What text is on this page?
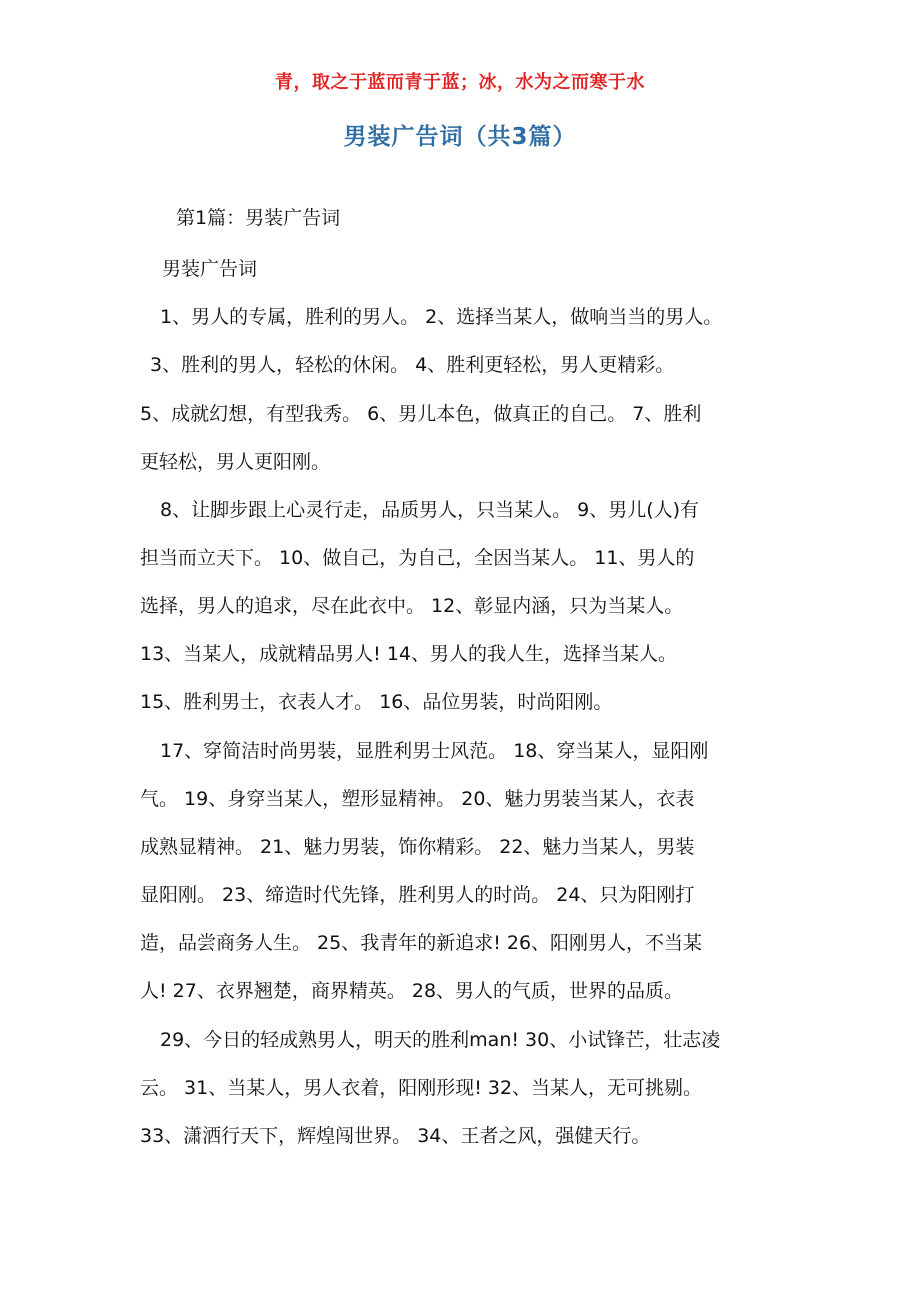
青，取之于蓝而青于蓝；冰，水为之而寒于水
男装广告词（共3篇）
第1篇：男装广告词
男装广告词
1、男人的专属，胜利的男人。 2、选择当某人，做响当当的男人。
3、胜利的男人，轻松的休闲。 4、胜利更轻松，男人更精彩。
5、成就幻想，有型我秀。 6、男儿本色，做真正的自己。 7、胜利
更轻松，男人更阳刚。
8、让脚步跟上心灵行走，品质男人，只当某人。 9、男儿(人)有
担当而立天下。 10、做自己，为自己，全因当某人。 11、男人的
选择，男人的追求，尽在此衣中。 12、彰显内涵，只为当某人。
13、当某人，成就精品男人! 14、男人的我人生，选择当某人。
15、胜利男士，衣表人才。 16、品位男装，时尚阳刚。
17、穿简洁时尚男装，显胜利男士风范。 18、穿当某人，显阳刚
气。 19、身穿当某人，塑形显精神。 20、魅力男装当某人，衣表
成熟显精神。 21、魅力男装，饰你精彩。 22、魅力当某人，男装
显阳刚。 23、缔造时代先锋，胜利男人的时尚。 24、只为阳刚打
造，品尝商务人生。 25、我青年的新追求! 26、阳刚男人，不当某
人! 27、衣界翘楚，商界精英。 28、男人的气质，世界的品质。
29、今日的轻成熟男人，明天的胜利man! 30、小试锋芒，壮志凌
云。 31、当某人，男人衣着，阳刚形现! 32、当某人，无可挑剔。
33、潇洒行天下，辉煌闯世界。 34、王者之风，强健天行。
